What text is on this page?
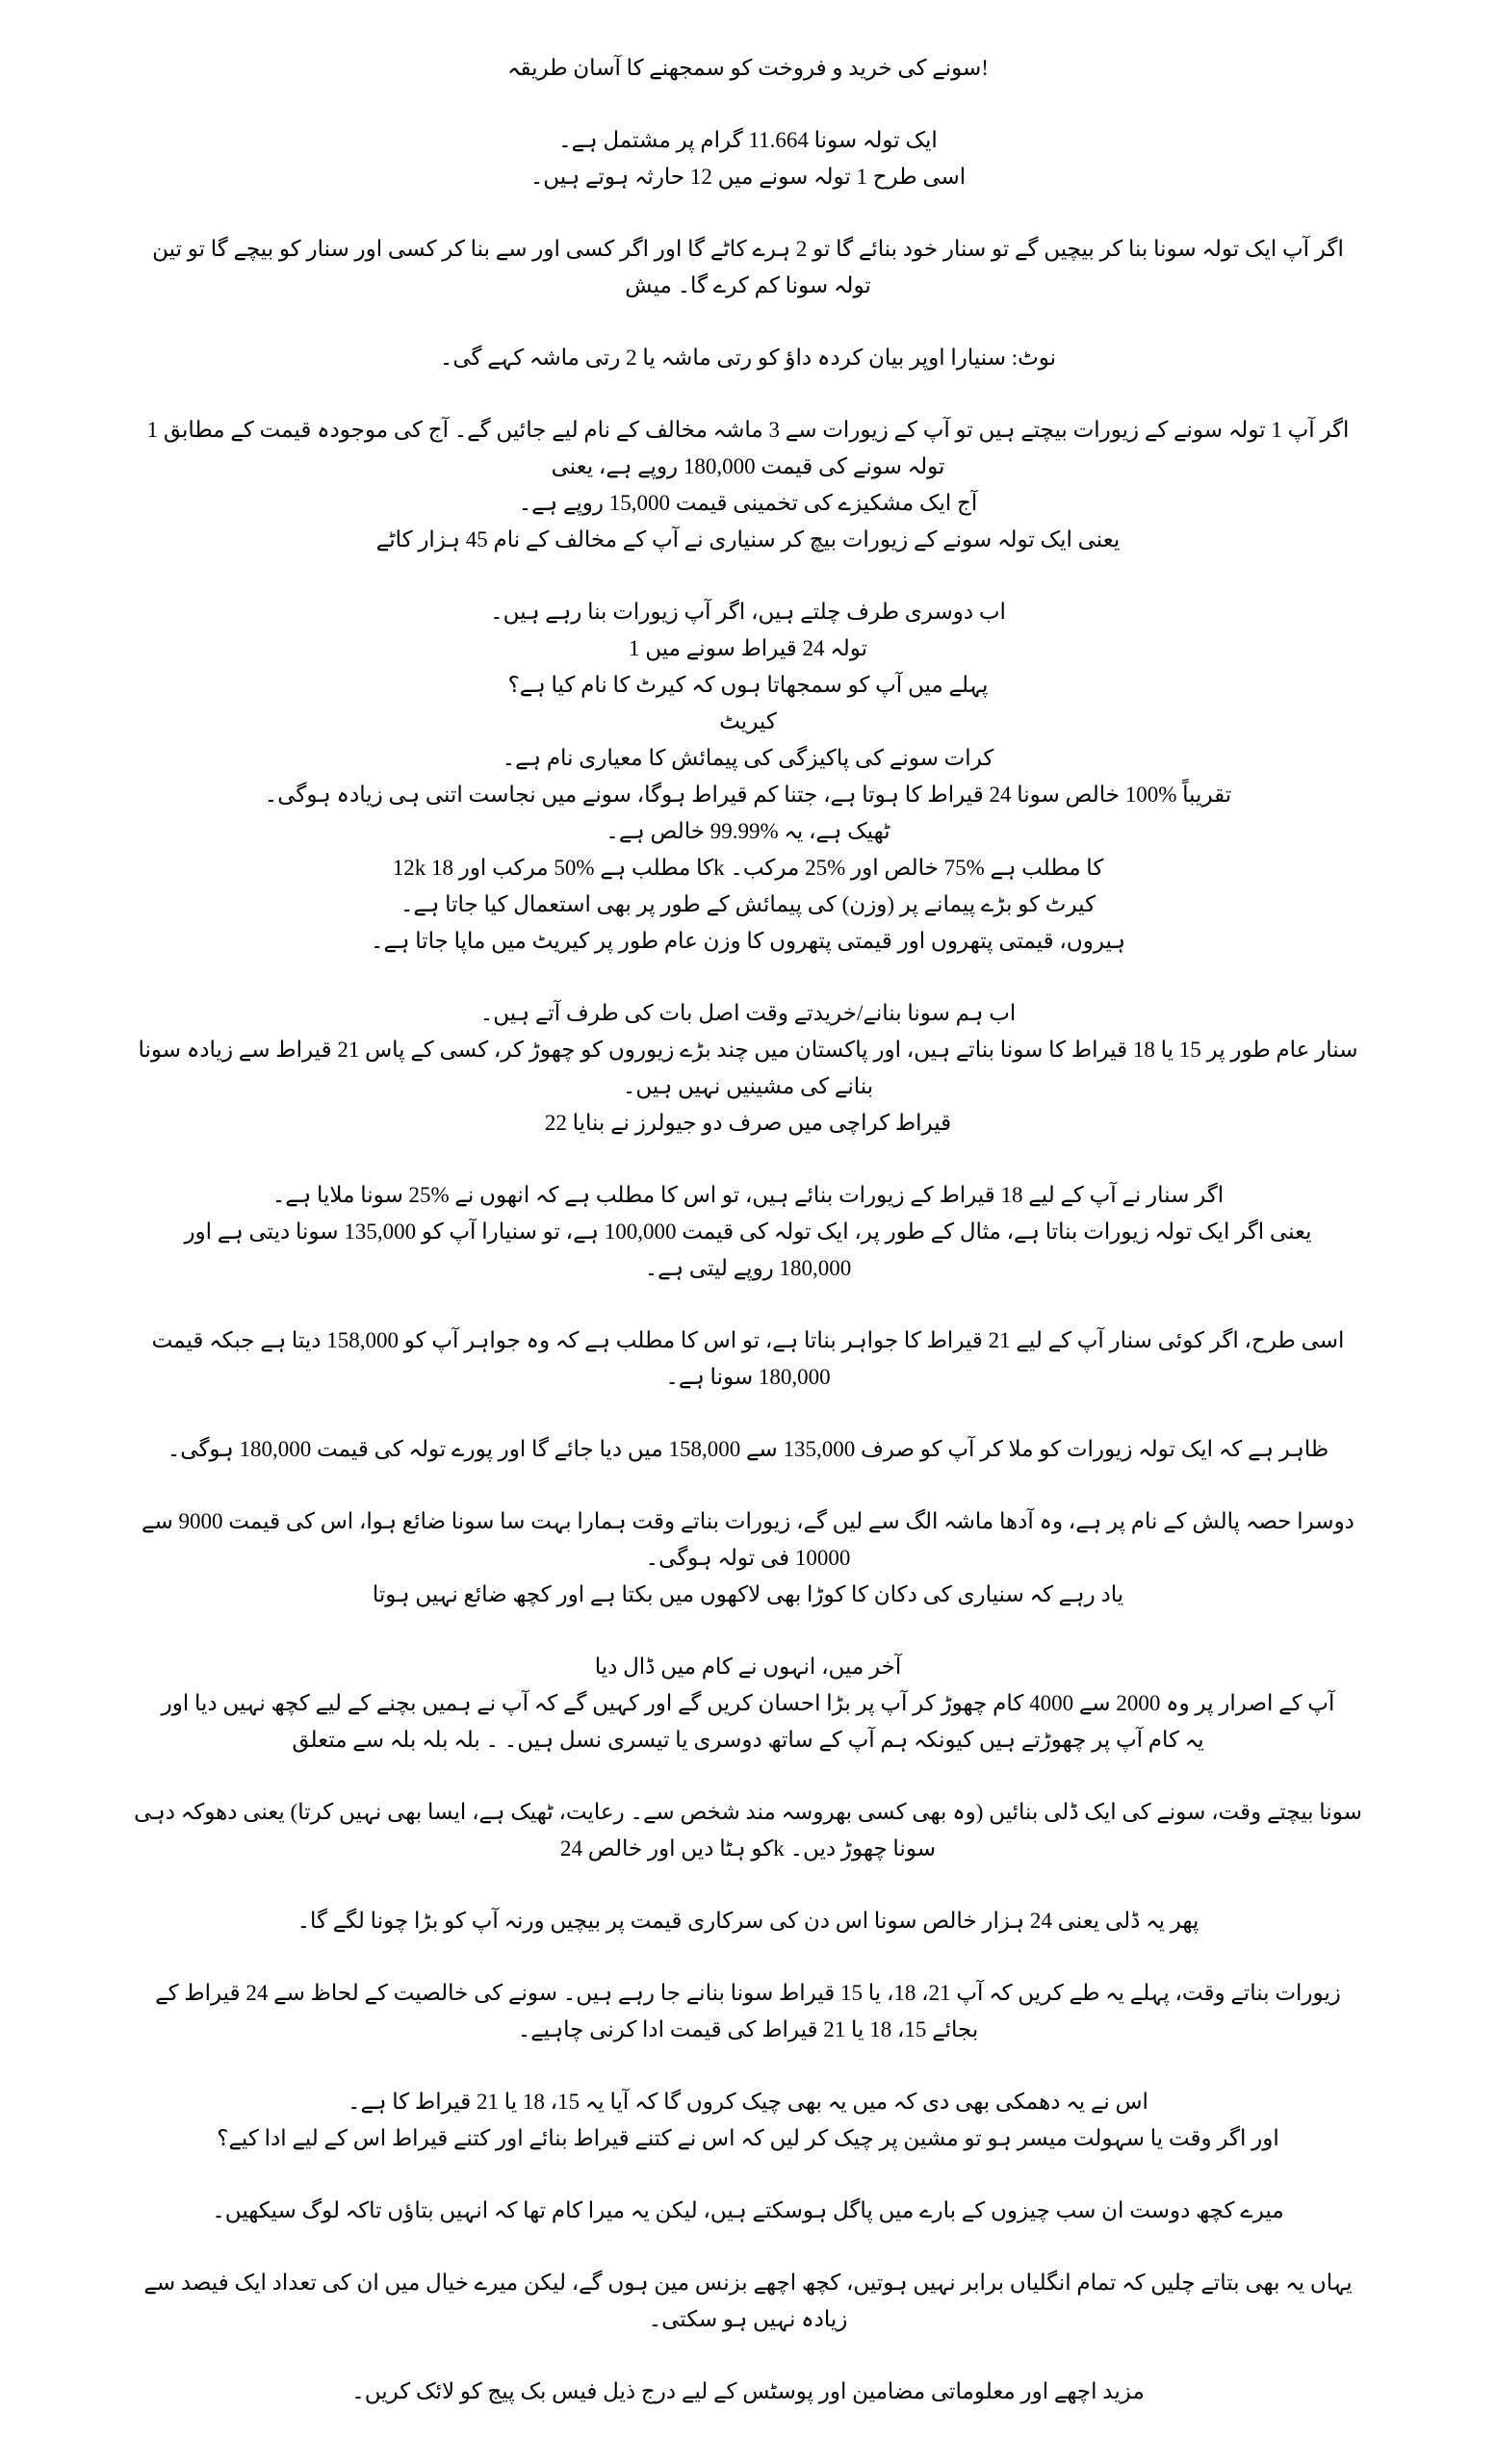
!سونے کی خرید و فروخت کو سمجھنے کا آسان طریقہ
ایک تولہ سونا 11.664 گرام پر مشتمل ہے۔
اسی طرح 1 تولہ سونے میں 12 حارثہ ہوتے ہیں۔
اگر آپ ایک تولہ سونا بنا کر بیچیں گے تو سنار خود بنائے گا تو 2 ہرے کاٹے گا اور اگر کسی اور سے بنا کر کسی اور سنار کو بیچے گا تو تین
تولہ سونا کم کرے گا۔ میش
نوٹ: سنیارا اوپر بیان کردہ داؤ کو رتی ماشہ یا 2 رتی ماشہ کہے گی۔
اگر آپ 1 تولہ سونے کے زیورات بیچتے ہیں تو آپ کے زیورات سے 3 ماشہ مخالف کے نام لیے جائیں گے۔ آج کی موجودہ قیمت کے مطابق 1
تولہ سونے کی قیمت 180,000 روپے ہے، یعنی
آج ایک مشکیزے کی تخمینی قیمت 15,000 روپے ہے۔
یعنی ایک تولہ سونے کے زیورات بیچ کر سنیاری نے آپ کے مخالف کے نام 45 ہزار کاٹے
اب دوسری طرف چلتے ہیں، اگر آپ زیورات بنا رہے ہیں۔
تولہ 24 قیراط سونے میں 1
پہلے میں آپ کو سمجھاتا ہوں کہ کیرٹ کا نام کیا ہے؟
کیریٹ
کرات سونے کی پاکیزگی کی پیمائش کا معیاری نام ہے۔
تقریباً %100 خالص سونا 24 قیراط کا ہوتا ہے، جتنا کم قیراط ہوگا، سونے میں نجاست اتنی ہی زیادہ ہوگی۔
ٹھیک ہے، یہ %99.99 خالص ہے۔
کا مطلب ہے %75 خالص اور %25 مرکب۔ kکا مطلب ہے %50 مرکب اور 12k 18
کیرٹ کو بڑے پیمانے پر (وزن) کی پیمائش کے طور پر بھی استعمال کیا جاتا ہے۔
ہیروں، قیمتی پتھروں اور قیمتی پتھروں کا وزن عام طور پر کیریٹ میں ماپا جاتا ہے۔
اب ہم سونا بنانے/خریدتے وقت اصل بات کی طرف آتے ہیں۔
سنار عام طور پر 15 یا 18 قیراط کا سونا بناتے ہیں، اور پاکستان میں چند بڑے زیوروں کو چھوڑ کر، کسی کے پاس 21 قیراط سے زیادہ سونا
بنانے کی مشینیں نہیں ہیں۔
قیراط کراچی میں صرف دو جیولرز نے بنایا 22
اگر سنار نے آپ کے لیے 18 قیراط کے زیورات بنائے ہیں، تو اس کا مطلب ہے کہ انھوں نے %25 سونا ملایا ہے۔
یعنی اگر ایک تولہ زیورات بناتا ہے، مثال کے طور پر، ایک تولہ کی قیمت 100,000 ہے، تو سنیارا آپ کو 135,000 سونا دیتی ہے اور
180,000 روپے لیتی ہے۔
اسی طرح، اگر کوئی سنار آپ کے لیے 21 قیراط کا جواہر بناتا ہے، تو اس کا مطلب ہے کہ وہ جواہر آپ کو 158,000 دیتا ہے جبکہ قیمت
180,000 سونا ہے۔
ظاہر ہے کہ ایک تولہ زیورات کو ملا کر آپ کو صرف 135,000 سے 158,000 میں دیا جائے گا اور پورے تولہ کی قیمت 180,000 ہوگی۔
دوسرا حصہ پالش کے نام پر ہے، وہ آدھا ماشہ الگ سے لیں گے، زیورات بناتے وقت ہمارا بہت سا سونا ضائع ہوا، اس کی قیمت 9000 سے
10000 فی تولہ ہوگی۔
یاد رہے کہ سنیاری کی دکان کا کوڑا بھی لاکھوں میں بکتا ہے اور کچھ ضائع نہیں ہوتا
آخر میں، انہوں نے کام میں ڈال دیا
آپ کے اصرار پر وہ 2000 سے 4000 کام چھوڑ کر آپ پر بڑا احسان کریں گے اور کہیں گے کہ آپ نے ہمیں بچنے کے لیے کچھ نہیں دیا اور
یہ کام آپ پر چھوڑتے ہیں کیونکہ ہم آپ کے ساتھ دوسری یا تیسری نسل ہیں۔ ۔ بلہ بلہ بلہ سے متعلق
سونا بیچتے وقت، سونے کی ایک ڈلی بنائیں (وہ بھی کسی بھروسہ مند شخص سے۔ رعایت، ٹھیک ہے، ایسا بھی نہیں کرتا) یعنی دھوکہ دہی
سونا چھوڑ دیں۔ kکو ہٹا دیں اور خالص 24
پھر یہ ڈلی یعنی 24 ہزار خالص سونا اس دن کی سرکاری قیمت پر بیچیں ورنہ آپ کو بڑا چونا لگے گا۔
زیورات بناتے وقت، پہلے یہ طے کریں کہ آپ 21، 18، یا 15 قیراط سونا بنانے جا رہے ہیں۔ سونے کی خالصیت کے لحاظ سے 24 قیراط کے
بجائے 15، 18 یا 21 قیراط کی قیمت ادا کرنی چاہیے۔
اس نے یہ دھمکی بھی دی کہ میں یہ بھی چیک کروں گا کہ آیا یہ 15، 18 یا 21 قیراط کا ہے۔
اور اگر وقت یا سہولت میسر ہو تو مشین پر چیک کر لیں کہ اس نے کتنے قیراط بنائے اور کتنے قیراط اس کے لیے ادا کیے؟
میرے کچھ دوست ان سب چیزوں کے بارے میں پاگل ہوسکتے ہیں، لیکن یہ میرا کام تھا کہ انہیں بتاؤں تاکہ لوگ سیکھیں۔
یہاں یہ بھی بتاتے چلیں کہ تمام انگلیاں برابر نہیں ہوتیں، کچھ اچھے بزنس مین ہوں گے، لیکن میرے خیال میں ان کی تعداد ایک فیصد سے
زیادہ نہیں ہو سکتی۔
مزید اچھے اور معلوماتی مضامین اور پوسٹس کے لیے درج ذیل فیس بک پیج کو لائک کریں۔
